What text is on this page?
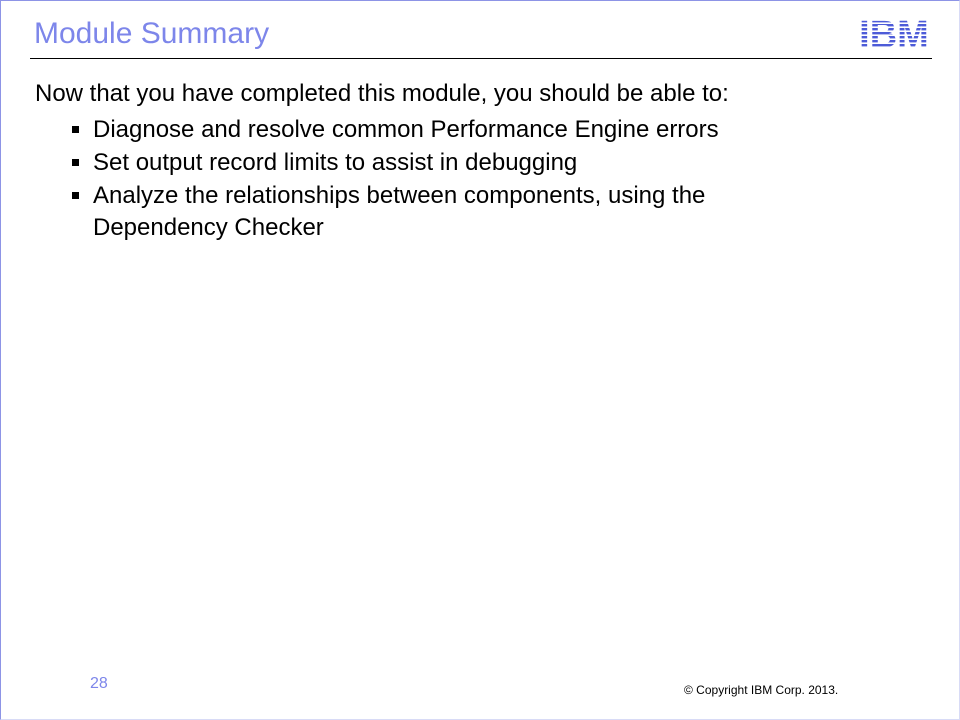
Module Summary	IBM
Now that you have completed this module, you should be able to:
Diagnose and resolve common Performance Engine errors
Set output record limits to assist in debugging
Analyze the relationships between components, using the Dependency Checker
28	© Copyright IBM Corp. 2013.
